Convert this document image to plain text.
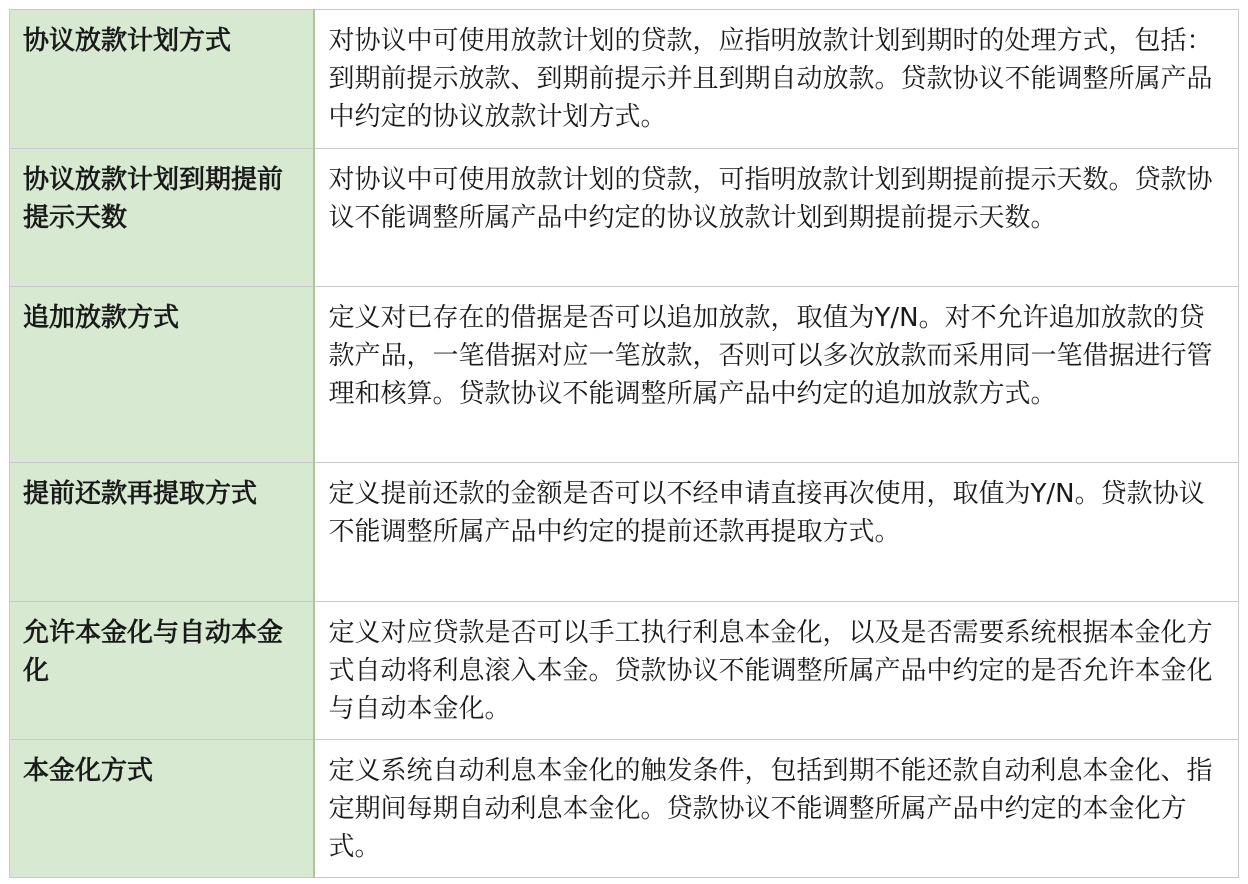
协议放款计划方式	对协议中可使用放款计划的贷款，应指明放款计划到期时的处理方式，包括：到期前提示放款、到期前提示并且到期自动放款。贷款协议不能调整所属产品中约定的协议放款计划方式。
协议放款计划到期提前提示天数	对协议中可使用放款计划的贷款，可指明放款计划到期提前提示天数。贷款协议不能调整所属产品中约定的协议放款计划到期提前提示天数。
追加放款方式	定义对已存在的借据是否可以追加放款，取值为Y/N。对不允许追加放款的贷款产品，一笔借据对应一笔放款，否则可以多次放款而采用同一笔借据进行管理和核算。贷款协议不能调整所属产品中约定的追加放款方式。
提前还款再提取方式	定义提前还款的金额是否可以不经申请直接再次使用，取值为Y/N。贷款协议不能调整所属产品中约定的提前还款再提取方式。
允许本金化与自动本金化	定义对应贷款是否可以手工执行利息本金化，以及是否需要系统根据本金化方式自动将利息滚入本金。贷款协议不能调整所属产品中约定的是否允许本金化与自动本金化。
本金化方式	定义系统自动利息本金化的触发条件，包括到期不能还款自动利息本金化、指定期间每期自动利息本金化。贷款协议不能调整所属产品中约定的本金化方式。
